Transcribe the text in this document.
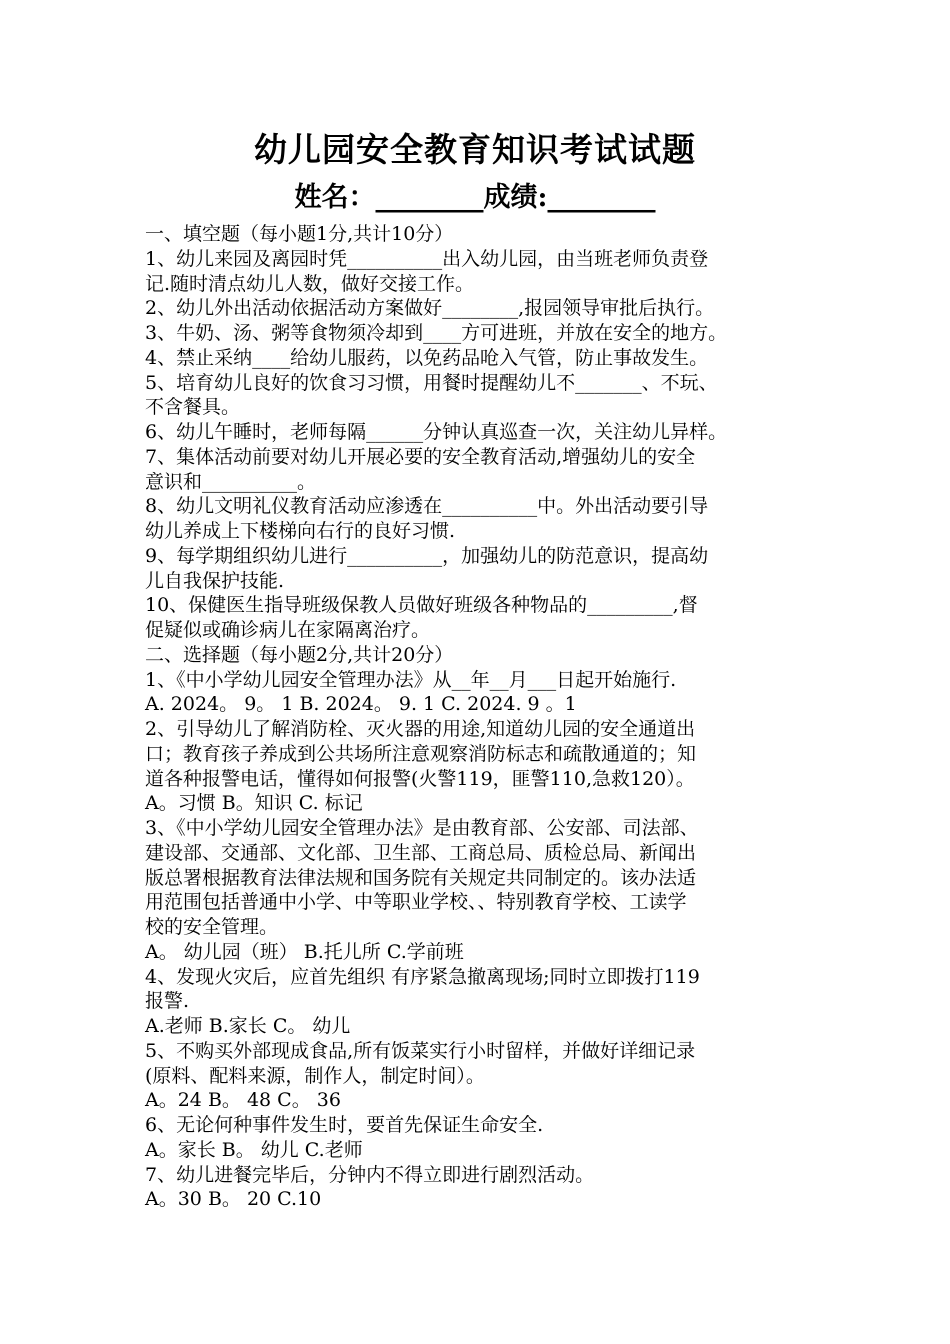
幼儿园安全教育知识考试试题
姓名：________成绩:________
一、填空题（每小题1分,共计10分）
1、幼儿来园及离园时凭__________出入幼儿园，由当班老师负责登
记.随时清点幼儿人数，做好交接工作。
2、幼儿外出活动依据活动方案做好________,报园领导审批后执行。
3、牛奶、汤、粥等食物须冷却到____方可进班，并放在安全的地方。
4、禁止采纳____给幼儿服药，以免药品呛入气管，防止事故发生。
5、培育幼儿良好的饮食习习惯，用餐时提醒幼儿不_______、不玩、
不含餐具。
6、幼儿午睡时，老师每隔______分钟认真巡查一次，关注幼儿异样。
7、集体活动前要对幼儿开展必要的安全教育活动,增强幼儿的安全
意识和__________。
8、幼儿文明礼仪教育活动应渗透在__________中。外出活动要引导
幼儿养成上下楼梯向右行的良好习惯.
9、每学期组织幼儿进行__________，加强幼儿的防范意识，提高幼
儿自我保护技能.
10、保健医生指导班级保教人员做好班级各种物品的_________,督
促疑似或确诊病儿在家隔离治疗。
二、选择题（每小题2分,共计20分）
1、《中小学幼儿园安全管理办法》从__年__月___日起开始施行.
A. 2024。 9。 1 B. 2024。 9. 1 C. 2024. 9 。1
2、引导幼儿了解消防栓、灭火器的用途,知道幼儿园的安全通道出
口；教育孩子养成到公共场所注意观察消防标志和疏散通道的；知
道各种报警电话，懂得如何报警(火警119，匪警110,急救120）。
A。习惯 B。知识 C. 标记
3、《中小学幼儿园安全管理办法》是由教育部、公安部、司法部、
建设部、交通部、文化部、卫生部、工商总局、质检总局、新闻出
版总署根据教育法律法规和国务院有关规定共同制定的。该办法适
用范围包括普通中小学、中等职业学校、、特别教育学校、工读学
校的安全管理。
A。 幼儿园（班） B.托儿所 C.学前班
4、发现火灾后，应首先组织 有序紧急撤离现场;同时立即拨打119
报警.
A.老师 B.家长 C。 幼儿
5、不购买外部现成食品,所有饭菜实行小时留样，并做好详细记录
(原料、配料来源，制作人，制定时间）。
A。24 B。 48 C。 36
6、无论何种事件发生时，要首先保证生命安全.
A。家长 B。 幼儿 C.老师
7、幼儿进餐完毕后，分钟内不得立即进行剧烈活动。
A。30 B。 20 C.10
